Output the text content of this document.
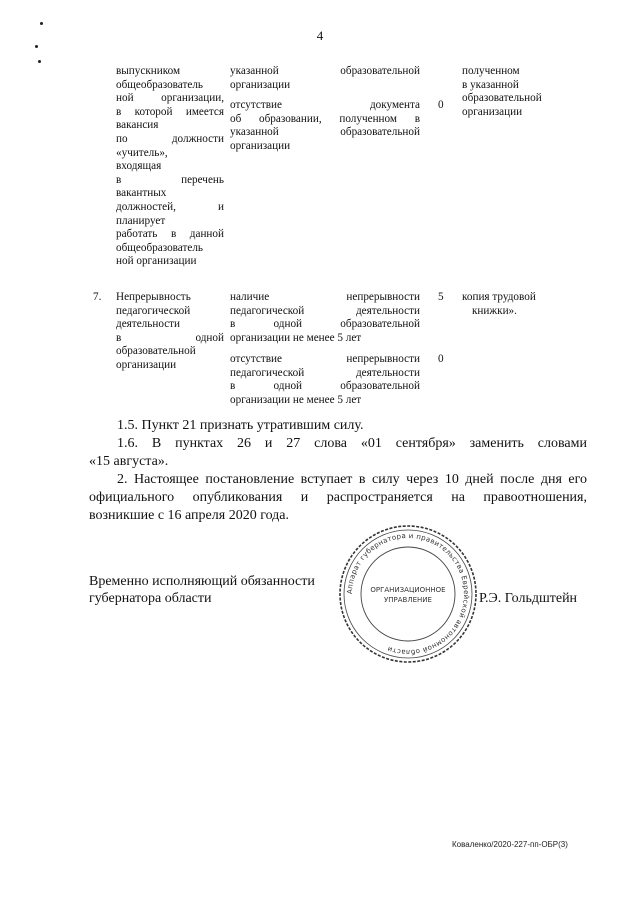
4
выпускником
общеобразователь
ной организации,
в которой имеется
вакансия
по должности
«учитель»,
входящая
в перечень
вакантных
должностей, и
планирует
работать в данной
общеобразователь
ной организации
указанной образовательной
организации
отсутствие документа
об образовании, полученном в
указанной образовательной
организации
0
полученном
в указанной
образовательной
организации
7. Непрерывность
педагогической
деятельности
в одной
образовательной
организации
наличие непрерывности
педагогической деятельности
в одной образовательной
организации не менее 5 лет
5
отсутствие непрерывности
педагогической деятельности
в одной образовательной
организации не менее 5 лет
0
копия трудовой
книжки».
1.5. Пункт 21 признать утратившим силу.
1.6. В пунктах 26 и 27 слова «01 сентября» заменить словами
«15 августа».
2. Настоящее постановление вступает в силу через 10 дней после дня его
официального опубликования и распространяется на правоотношения,
возникшие с 16 апреля 2020 года.
Временно исполняющий обязанности
губернатора области	Р.Э. Гольдштейн
Аппарат губернатора и правительства Еврейской автономной области
ОРГАНИЗАЦИОННОЕ
УПРАВЛЕНИЕ
Коваленко/2020-227-пп-ОБР(3)
